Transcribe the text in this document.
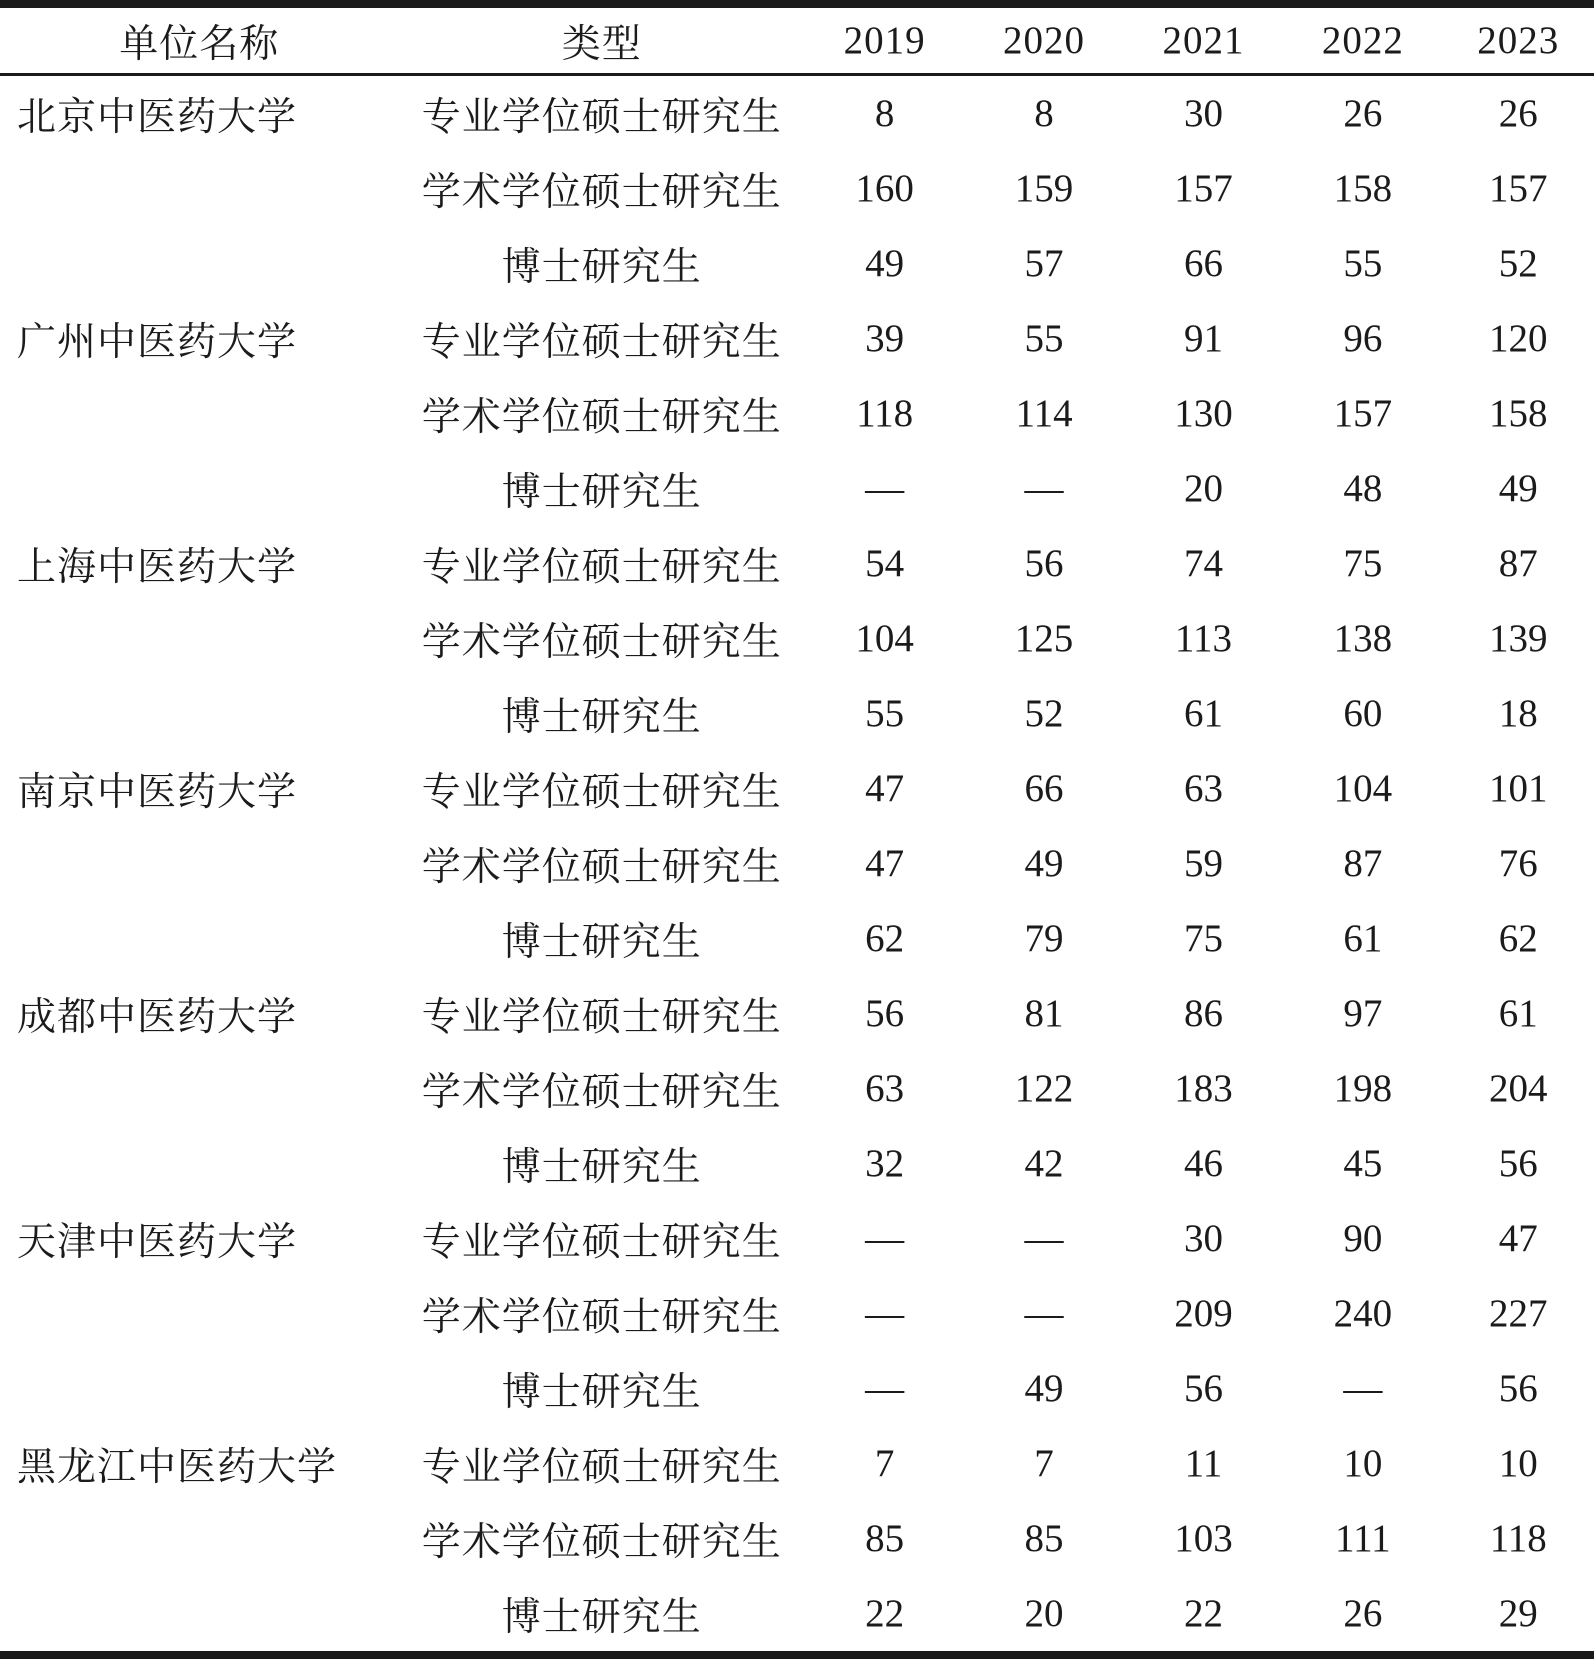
单位名称	类型	2019	2020	2021	2022	2023
北京中医药大学	专业学位硕士研究生	8	8	30	26	26
	学术学位硕士研究生	160	159	157	158	157
	博士研究生	49	57	66	55	52
广州中医药大学	专业学位硕士研究生	39	55	91	96	120
	学术学位硕士研究生	118	114	130	157	158
	博士研究生	—	—	20	48	49
上海中医药大学	专业学位硕士研究生	54	56	74	75	87
	学术学位硕士研究生	104	125	113	138	139
	博士研究生	55	52	61	60	18
南京中医药大学	专业学位硕士研究生	47	66	63	104	101
	学术学位硕士研究生	47	49	59	87	76
	博士研究生	62	79	75	61	62
成都中医药大学	专业学位硕士研究生	56	81	86	97	61
	学术学位硕士研究生	63	122	183	198	204
	博士研究生	32	42	46	45	56
天津中医药大学	专业学位硕士研究生	—	—	30	90	47
	学术学位硕士研究生	—	—	209	240	227
	博士研究生	—	49	56	—	56
黑龙江中医药大学	专业学位硕士研究生	7	7	11	10	10
	学术学位硕士研究生	85	85	103	111	118
	博士研究生	22	20	22	26	29
